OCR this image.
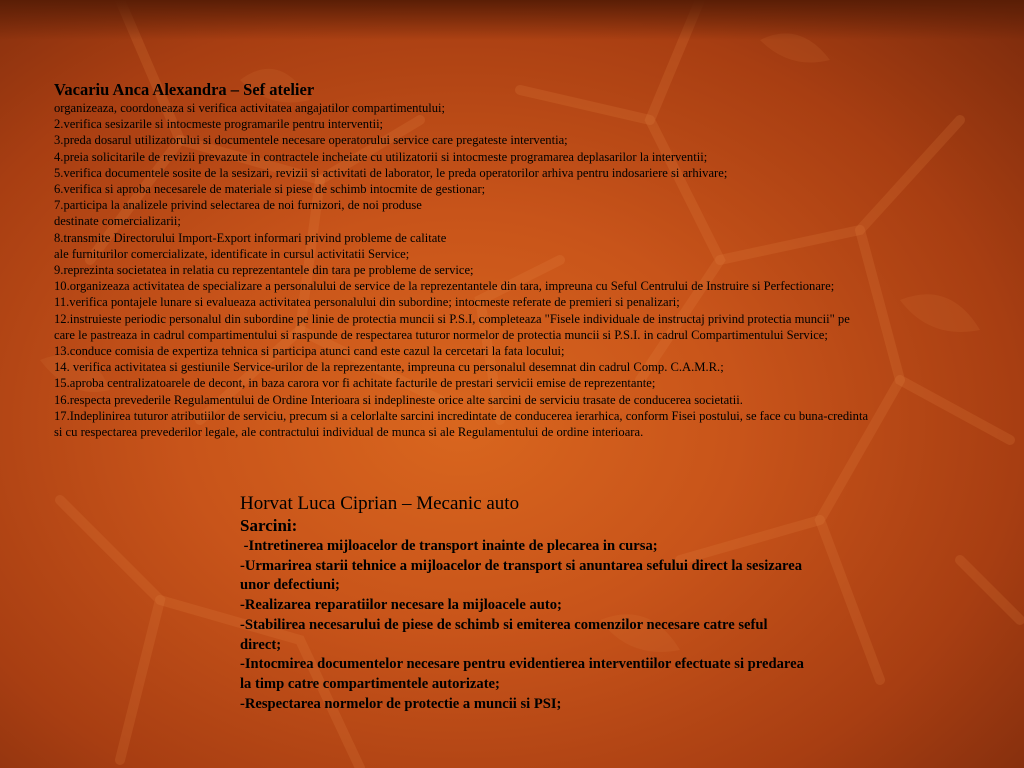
Vacariu Anca Alexandra – Sef atelier

organizeaza, coordoneaza si verifica activitatea angajatilor compartimentului;
2.verifica sesizarile si intocmeste programarile pentru interventii;
3.preda dosarul utilizatorului si documentele necesare operatorului service care pregateste interventia;
4.preia solicitarile de revizii prevazute in contractele incheiate cu utilizatorii si intocmeste programarea deplasarilor la interventii;
5.verifica documentele sosite de la sesizari, revizii si activitati de laborator, le preda operatorilor arhiva pentru indosariere si arhivare;
6.verifica si aproba necesarele de materiale si piese de schimb intocmite de gestionar;
7.participa la analizele privind selectarea de noi furnizori, de noi produse
destinate comercializarii;
8.transmite Directorului Import-Export informari privind probleme de calitate
ale furniturilor comercializate, identificate in cursul activitatii Service;
9.reprezinta societatea in relatia cu reprezentantele din tara pe probleme de service;
10.organizeaza activitatea de specializare a personalului de service de la reprezentantele din tara, impreuna cu Seful Centrului de Instruire si Perfectionare;
11.verifica pontajele lunare si evalueaza activitatea personalului din subordine; intocmeste referate de premieri si penalizari;
12.instruieste periodic personalul din subordine pe linie de protectia muncii si P.S.I, completeaza "Fisele individuale de instructaj privind protectia muncii" pe
care le pastreaza in cadrul compartimentului si raspunde de respectarea tuturor normelor de protectia muncii si P.S.I. in cadrul Compartimentului Service;
13.conduce comisia de expertiza tehnica si participa atunci cand este cazul la cercetari la fata locului;
14. verifica activitatea si gestiunile Service-urilor de la reprezentante, impreuna cu personalul desemnat din cadrul Comp. C.A.M.R.;
15.aproba centralizatoarele de decont, in baza carora vor fi achitate facturile de prestari servicii emise de reprezentante;
16.respecta prevederile Regulamentului de Ordine Interioara si indeplineste orice alte sarcini de serviciu trasate de conducerea societatii.
17.Indeplinirea tuturor atributiilor de serviciu, precum si a celorlalte sarcini incredintate de conducerea ierarhica, conform Fisei postului, se face cu buna-credinta
si cu respectarea prevederilor legale, ale contractului individual de munca si ale Regulamentului de ordine interioara.

Horvat Luca Ciprian – Mecanic auto

Sarcini:

-Intretinerea mijloacelor de transport inainte de plecarea in cursa;
-Urmarirea starii tehnice a mijloacelor de transport si anuntarea sefului direct la sesizarea
unor defectiuni;
-Realizarea reparatiilor necesare la mijloacele auto;
-Stabilirea necesarului de piese de schimb si emiterea comenzilor necesare catre seful
direct;
-Intocmirea documentelor necesare pentru evidentierea interventiilor efectuate si predarea
la timp catre compartimentele autorizate;
-Respectarea normelor de protectie a muncii si PSI;
